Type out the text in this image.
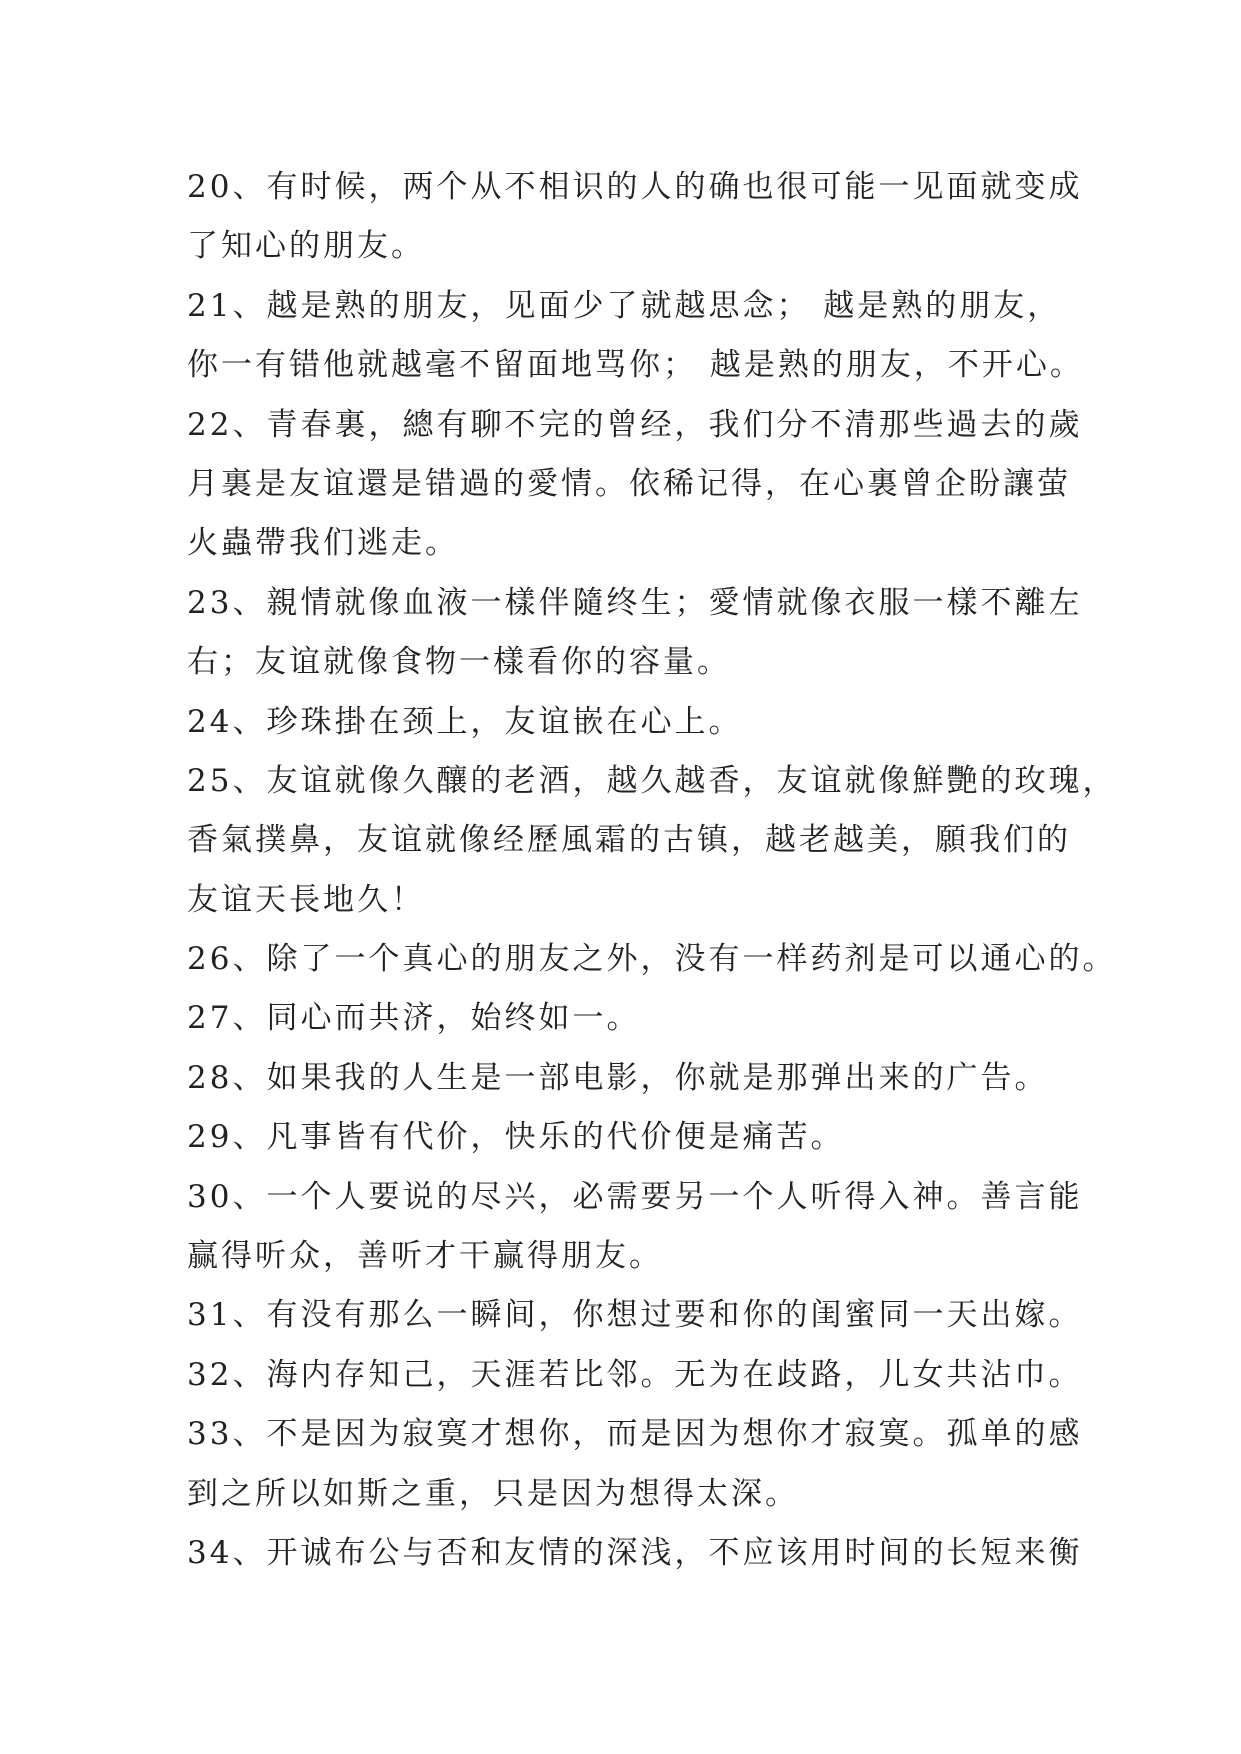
20、有时候，两个从不相识的人的确也很可能一见面就变成
了知心的朋友。
21、越是熟的朋友，见面少了就越思念； 越是熟的朋友，
你一有错他就越毫不留面地骂你； 越是熟的朋友，不开心。
22、青春裏，總有聊不完的曾经，我们分不清那些過去的歲
月裏是友谊還是错過的愛情。依稀记得，在心裏曾企盼讓萤
火蟲帶我们逃走。
23、親情就像血液一樣伴隨终生；愛情就像衣服一樣不離左
右；友谊就像食物一樣看你的容量。
24、珍珠掛在颈上，友谊嵌在心上。
25、友谊就像久釀的老酒，越久越香，友谊就像鮮艷的玫瑰，
香氣撲鼻，友谊就像经歷風霜的古镇，越老越美，願我们的
友谊天長地久！
26、除了一个真心的朋友之外，没有一样药剂是可以通心的。
27、同心而共济，始终如一。
28、如果我的人生是一部电影，你就是那弹出来的广告。
29、凡事皆有代价，快乐的代价便是痛苦。
30、一个人要说的尽兴，必需要另一个人听得入神。善言能
赢得听众，善听才干赢得朋友。
31、有没有那么一瞬间，你想过要和你的闺蜜同一天出嫁。
32、海内存知己，天涯若比邻。无为在歧路，儿女共沾巾。
33、不是因为寂寞才想你，而是因为想你才寂寞。孤单的感
到之所以如斯之重，只是因为想得太深。
34、开诚布公与否和友情的深浅，不应该用时间的长短来衡
